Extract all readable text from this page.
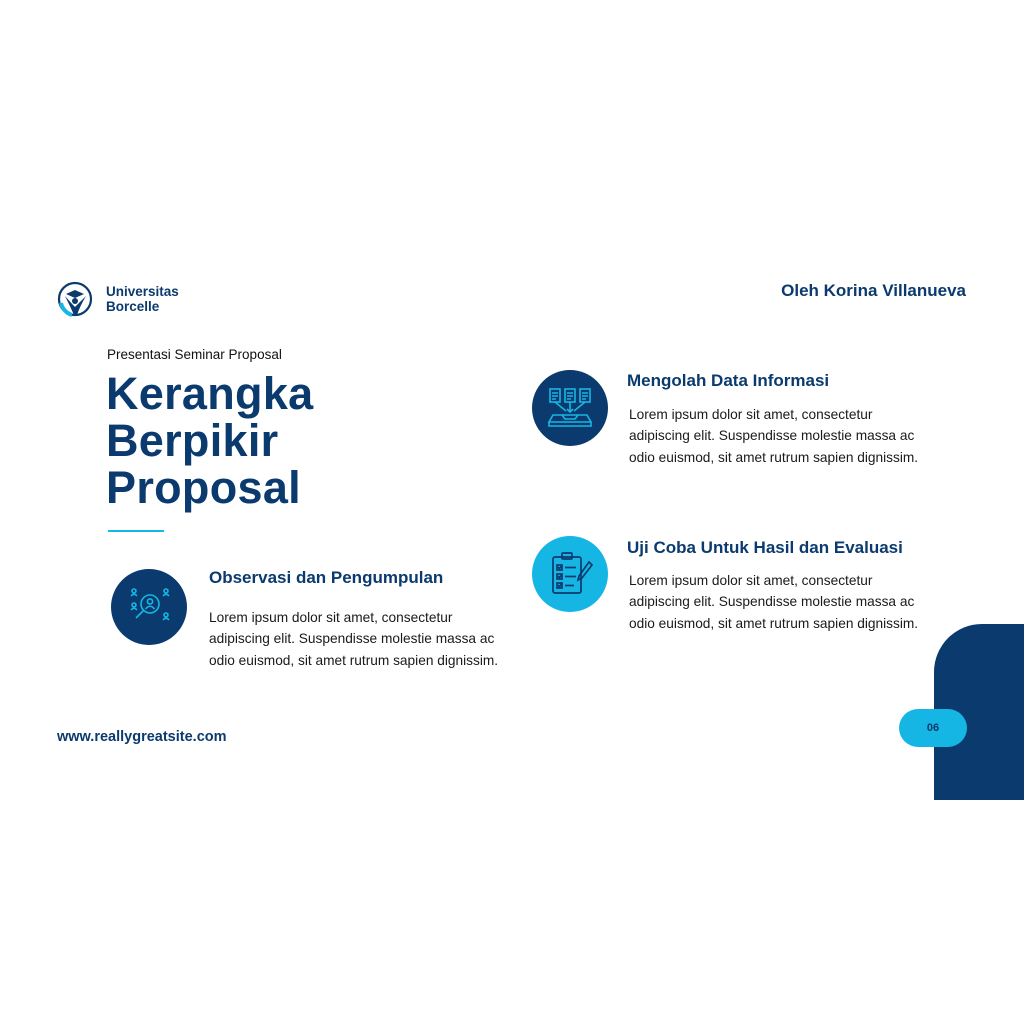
Universitas
Borcelle
Oleh Korina Villanueva
Presentasi Seminar Proposal
Kerangka
Berpikir
Proposal
Observasi dan Pengumpulan
Lorem ipsum dolor sit amet, consectetur adipiscing elit. Suspendisse molestie massa ac odio euismod, sit amet rutrum sapien dignissim.
Mengolah Data Informasi
Lorem ipsum dolor sit amet, consectetur adipiscing elit. Suspendisse molestie massa ac odio euismod, sit amet rutrum sapien dignissim.
Uji Coba Untuk Hasil dan Evaluasi
Lorem ipsum dolor sit amet, consectetur adipiscing elit. Suspendisse molestie massa ac odio euismod, sit amet rutrum sapien dignissim.
www.reallygreatsite.com
06
